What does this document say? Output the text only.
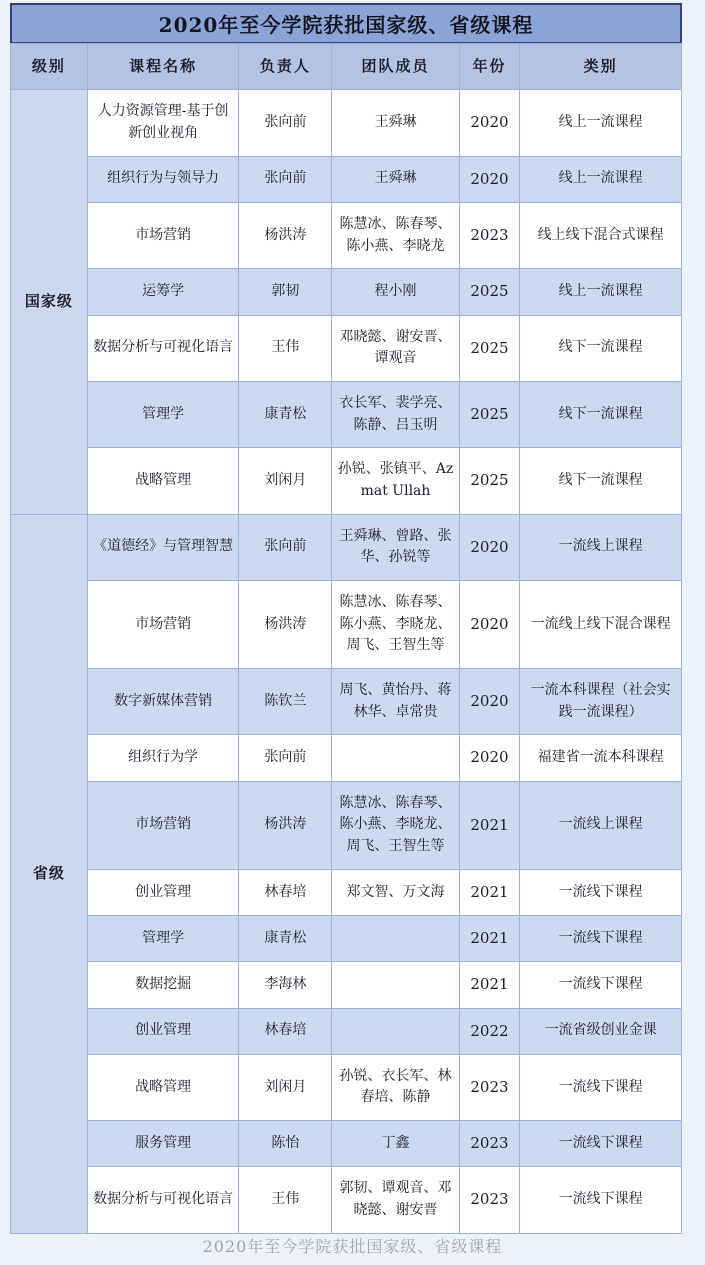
2020年至今学院获批国家级、省级课程
级别	课程名称	负责人	团队成员	年份	类别
国家级	人力资源管理-基于创新创业视角	张向前	王舜琳	2020	线上一流课程
	组织行为与领导力	张向前	王舜琳	2020	线上一流课程
	市场营销	杨洪涛	陈慧冰、陈春琴、陈小燕、李晓龙	2023	线上线下混合式课程
	运筹学	郭韧	程小刚	2025	线上一流课程
	数据分析与可视化语言	王伟	邓晓懿、谢安晋、谭观音	2025	线下一流课程
	管理学	康青松	衣长军、裴学亮、陈静、吕玉明	2025	线下一流课程
	战略管理	刘闲月	孙锐、张镇平、Azmat Ullah	2025	线下一流课程
省级	《道德经》与管理智慧	张向前	王舜琳、曾路、张华、孙锐等	2020	一流线上课程
	市场营销	杨洪涛	陈慧冰、陈春琴、陈小燕、李晓龙、周飞、王智生等	2020	一流线上线下混合课程
	数字新媒体营销	陈钦兰	周飞、黄怡丹、蒋林华、卓常贵	2020	一流本科课程（社会实践一流课程）
	组织行为学	张向前		2020	福建省一流本科课程
	市场营销	杨洪涛	陈慧冰、陈春琴、陈小燕、李晓龙、周飞、王智生等	2021	一流线上课程
	创业管理	林春培	郑文智、万文海	2021	一流线下课程
	管理学	康青松		2021	一流线下课程
	数据挖掘	李海林		2021	一流线下课程
	创业管理	林春培		2022	一流省级创业金课
	战略管理	刘闲月	孙锐、衣长军、林春培、陈静	2023	一流线下课程
	服务管理	陈怡	丁鑫	2023	一流线下课程
	数据分析与可视化语言	王伟	郭韧、谭观音、邓晓懿、谢安晋	2023	一流线下课程
2020年至今学院获批国家级、省级课程
